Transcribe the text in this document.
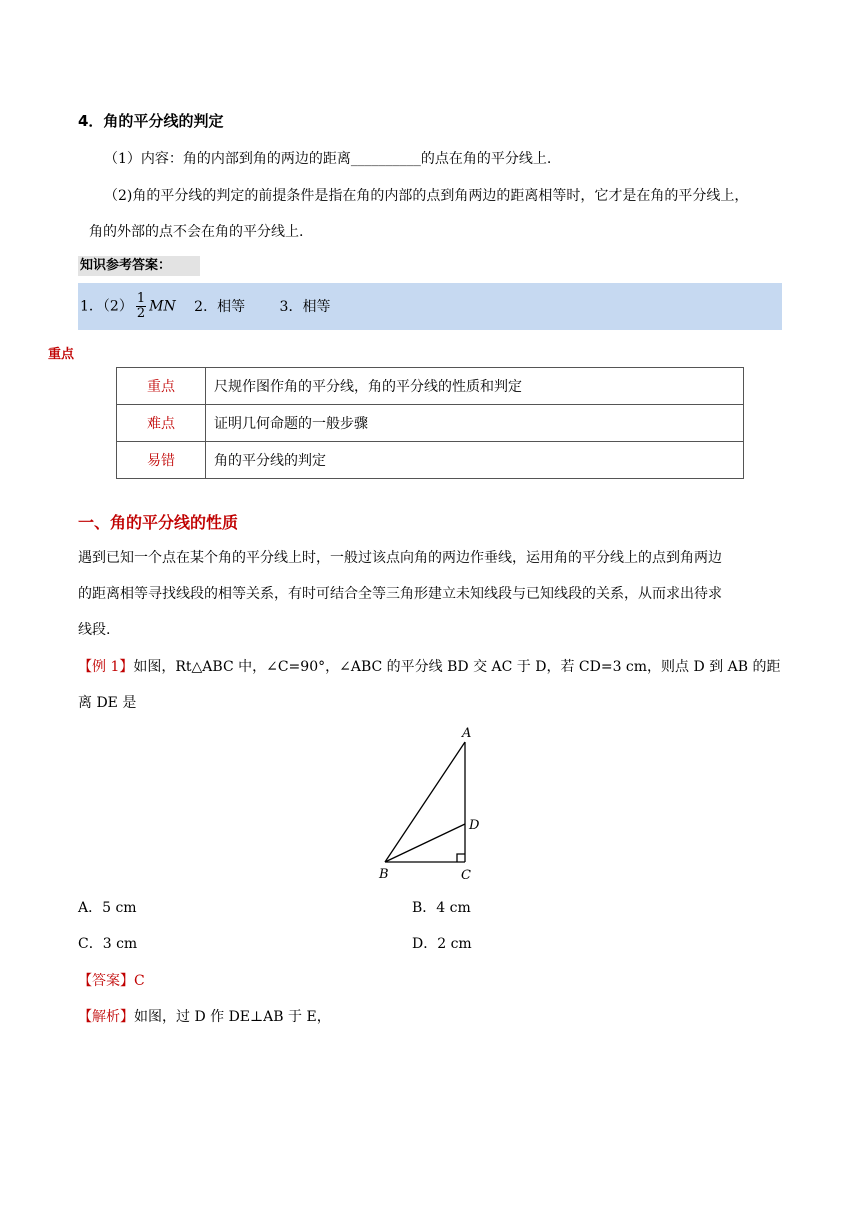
4．角的平分线的判定
（1）内容：角的内部到角的两边的距离__________的点在角的平分线上.
（2)角的平分线的判定的前提条件是指在角的内部的点到角两边的距离相等时，它才是在角的平分线上，
角的外部的点不会在角的平分线上.
知识参考答案：
1．$(2) \frac{1}{2}$ MN 2．相等 3．相等
重点
重点	尺规作图作角的平分线，角的平分线的性质和判定
难点	证明几何命题的一般步骤
易错	角的平分线的判定
一、角的平分线的性质
遇到已知一个点在某个角的平分线上时，一般过该点向角的两边作垂线，运用角的平分线上的点到角两边
的距离相等寻找线段的相等关系，有时可结合全等三角形建立未知线段与已知线段的关系，从而求出待求
线段.
【例 1】如图，Rt△ABC 中，∠C=90°，∠ABC 的平分线 BD 交 AC 于 D，若 CD=3 cm，则点 D 到 AB 的距
离 DE 是
A
D
B	C
A．5 cm	B．4 cm
C．3 cm	D．2 cm
【答案】C
【解析】如图，过 D 作 DE⊥AB 于 E，
